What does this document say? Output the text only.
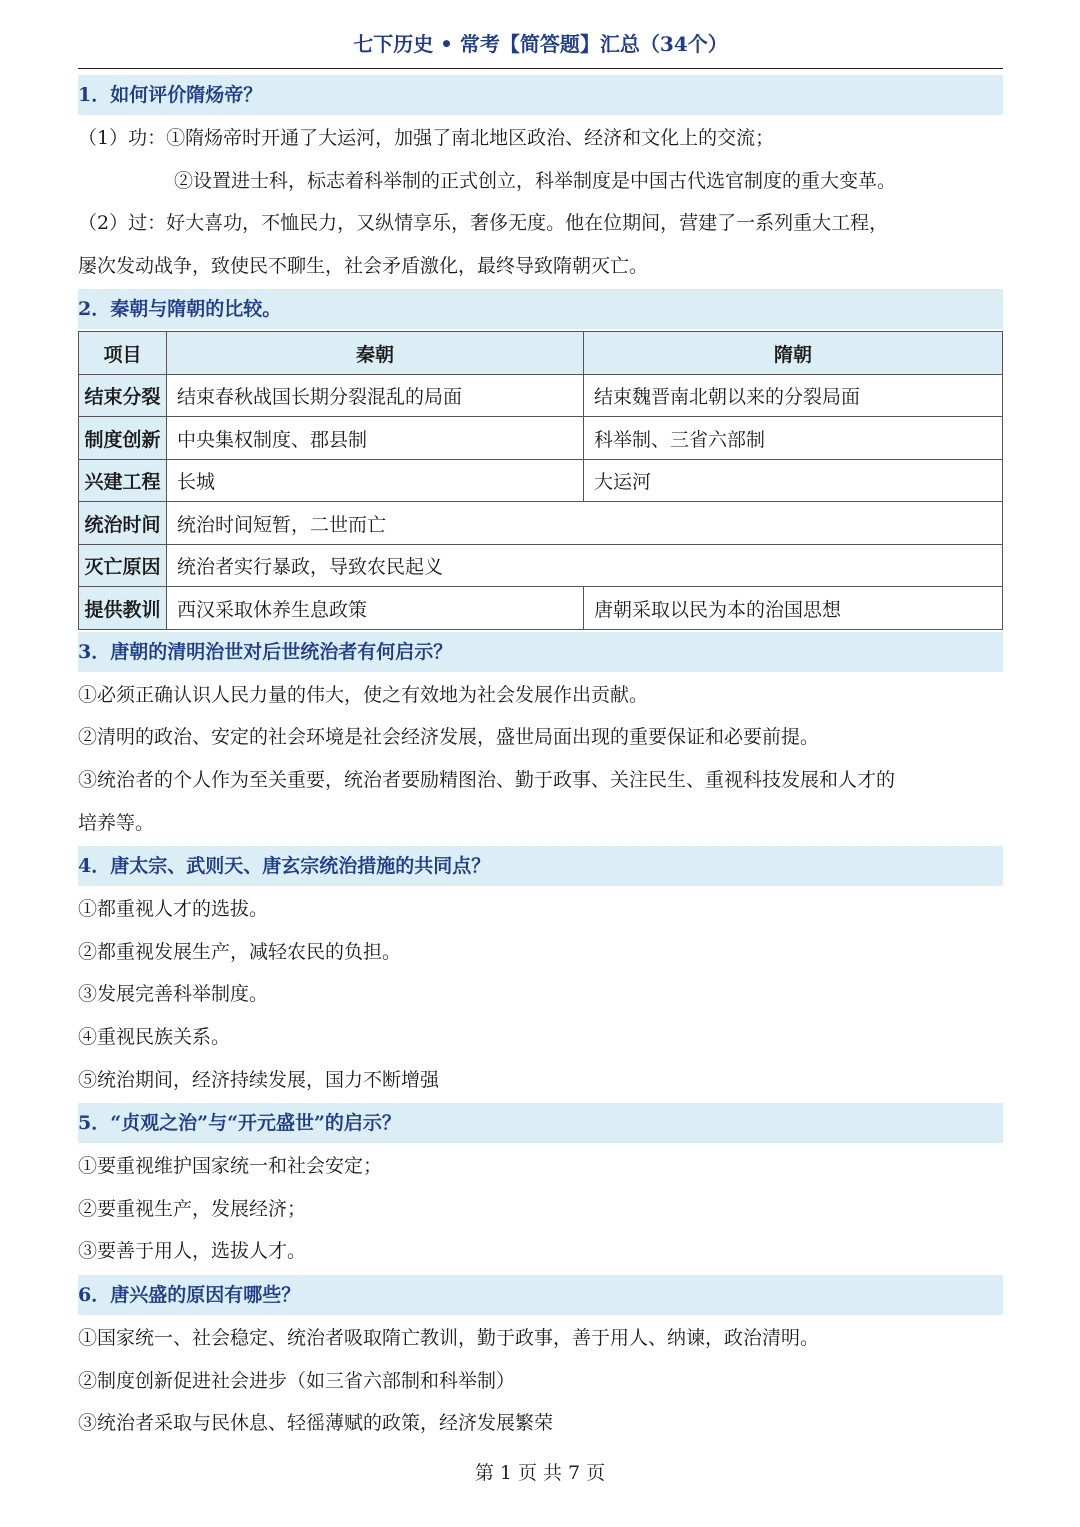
七下历史 • 常考【简答题】汇总（34个）
1．如何评价隋炀帝？
（1）功：①隋炀帝时开通了大运河，加强了南北地区政治、经济和文化上的交流；
②设置进士科，标志着科举制的正式创立，科举制度是中国古代选官制度的重大变革。
（2）过：好大喜功，不恤民力，又纵情享乐，奢侈无度。他在位期间，营建了一系列重大工程，
屡次发动战争，致使民不聊生，社会矛盾激化，最终导致隋朝灭亡。
2．秦朝与隋朝的比较。
项目	秦朝	隋朝
结束分裂	结束春秋战国长期分裂混乱的局面	结束魏晋南北朝以来的分裂局面
制度创新	中央集权制度、郡县制	科举制、三省六部制
兴建工程	长城	大运河
统治时间	统治时间短暂，二世而亡	
灭亡原因	统治者实行暴政，导致农民起义	
提供教训	西汉采取休养生息政策	唐朝采取以民为本的治国思想
3．唐朝的清明治世对后世统治者有何启示？
①必须正确认识人民力量的伟大，使之有效地为社会发展作出贡献。
②清明的政治、安定的社会环境是社会经济发展，盛世局面出现的重要保证和必要前提。
③统治者的个人作为至关重要，统治者要励精图治、勤于政事、关注民生、重视科技发展和人才的
培养等。
4．唐太宗、武则天、唐玄宗统治措施的共同点？
①都重视人才的选拔。
②都重视发展生产，减轻农民的负担。
③发展完善科举制度。
④重视民族关系。
⑤统治期间，经济持续发展，国力不断增强
5．“贞观之治”与“开元盛世”的启示？
①要重视维护国家统一和社会安定；
②要重视生产，发展经济；
③要善于用人，选拔人才。
6．唐兴盛的原因有哪些？
①国家统一、社会稳定、统治者吸取隋亡教训，勤于政事，善于用人、纳谏，政治清明。
②制度创新促进社会进步（如三省六部制和科举制）
③统治者采取与民休息、轻徭薄赋的政策，经济发展繁荣
第 1 页 共 7 页
